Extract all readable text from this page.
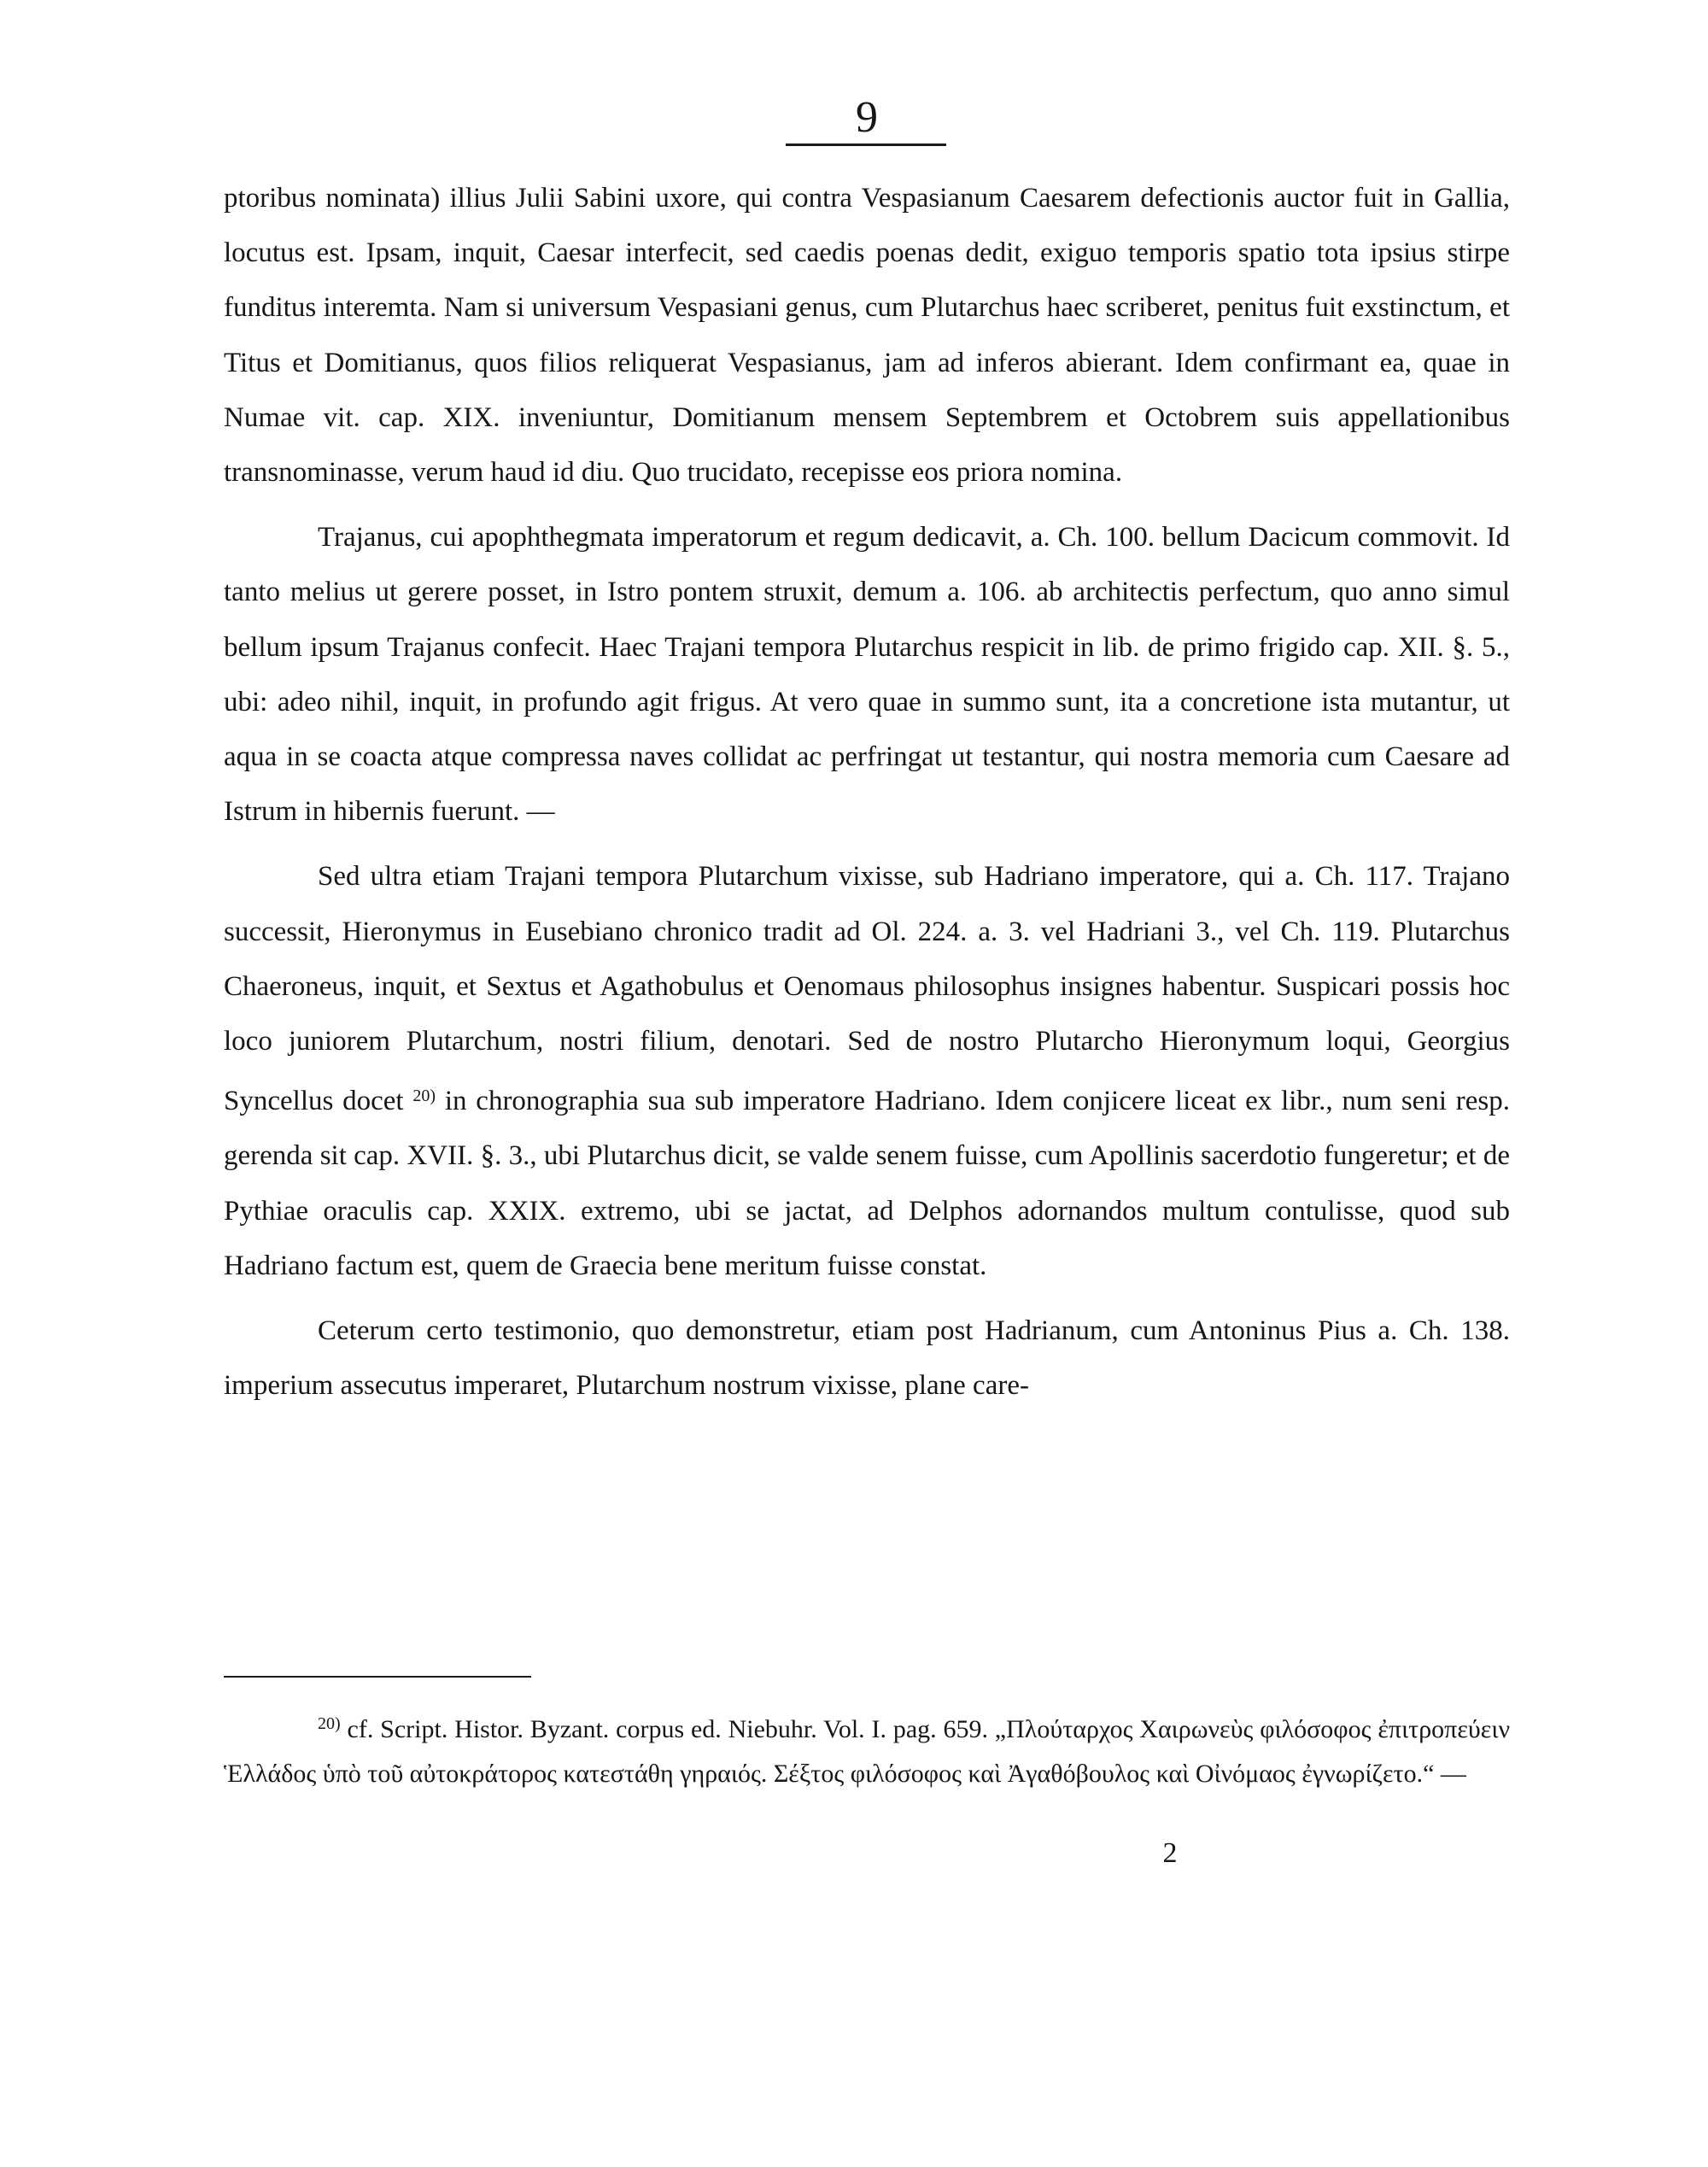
9

ptoribus nominata) illius Julii Sabini uxore, qui contra Vespasianum Caesarem defectionis auctor fuit in Gallia, locutus est. Ipsam, inquit, Caesar interfecit, sed caedis poenas dedit, exiguo temporis spatio tota ipsius stirpe funditus interemta. Nam si universum Vespasiani genus, cum Plutarchus haec scriberet, penitus fuit exstinctum, et Titus et Domitianus, quos filios reliquerat Vespasianus, jam ad inferos abierant. Idem confirmant ea, quae in Numae vit. cap. XIX. inveniuntur, Domitianum mensem Septembrem et Octobrem suis appellationibus transnominasse, verum haud id diu. Quo trucidato, recepisse eos priora nomina.

Trajanus, cui apophthegmata imperatorum et regum dedicavit, a. Ch. 100. bellum Dacicum commovit. Id tanto melius ut gerere posset, in Istro pontem struxit, demum a. 106. ab architectis perfectum, quo anno simul bellum ipsum Trajanus confecit. Haec Trajani tempora Plutarchus respicit in lib. de primo frigido cap. XII. §. 5., ubi: adeo nihil, inquit, in profundo agit frigus. At vero quae in summo sunt, ita a concretione ista mutantur, ut aqua in se coacta atque compressa naves collidat ac perfringat ut testantur, qui nostra memoria cum Caesare ad Istrum in hibernis fuerunt. —

Sed ultra etiam Trajani tempora Plutarchum vixisse, sub Hadriano imperatore, qui a. Ch. 117. Trajano successit, Hieronymus in Eusebiano chronico tradit ad Ol. 224. a. 3. vel Hadriani 3., vel Ch. 119. Plutarchus Chaeroneus, inquit, et Sextus et Agathobulus et Oenomaus philosophus insignes habentur. Suspicari possis hoc loco juniorem Plutarchum, nostri filium, denotari. Sed de nostro Plutarcho Hieronymum loqui, Georgius Syncellus docet $^{20)}$ in chronographia sua sub imperatore Hadriano. Idem conjicere liceat ex libr., num seni resp. gerenda sit cap. XVII. §. 3., ubi Plutarchus dicit, se valde senem fuisse, cum Apollinis sacerdotio fungeretur; et de Pythiae oraculis cap. XXIX. extremo, ubi se jactat, ad Delphos adornandos multum contulisse, quod sub Hadriano factum est, quem de Graecia bene meritum fuisse constat.

Ceterum certo testimonio, quo demonstretur, etiam post Hadrianum, cum Antoninus Pius a. Ch. 138. imperium assecutus imperaret, Plutarchum nostrum vixisse, plane care-

$^{20)}$ cf. Script. Histor. Byzant. corpus ed. Niebuhr. Vol. I. pag. 659. „Πλούταρχος Χαιρωνεὺς φιλόσοφος ἐπιτροπεύειν Ἑλλάδος ὑπὸ τοῦ αὐτοκράτορος κατεστάθη γηραιός. Σέξτος φιλόσοφος καὶ Ἀγαθόβουλος καὶ Οἰνόμαος ἐγνωρίζετο.“ —
2
